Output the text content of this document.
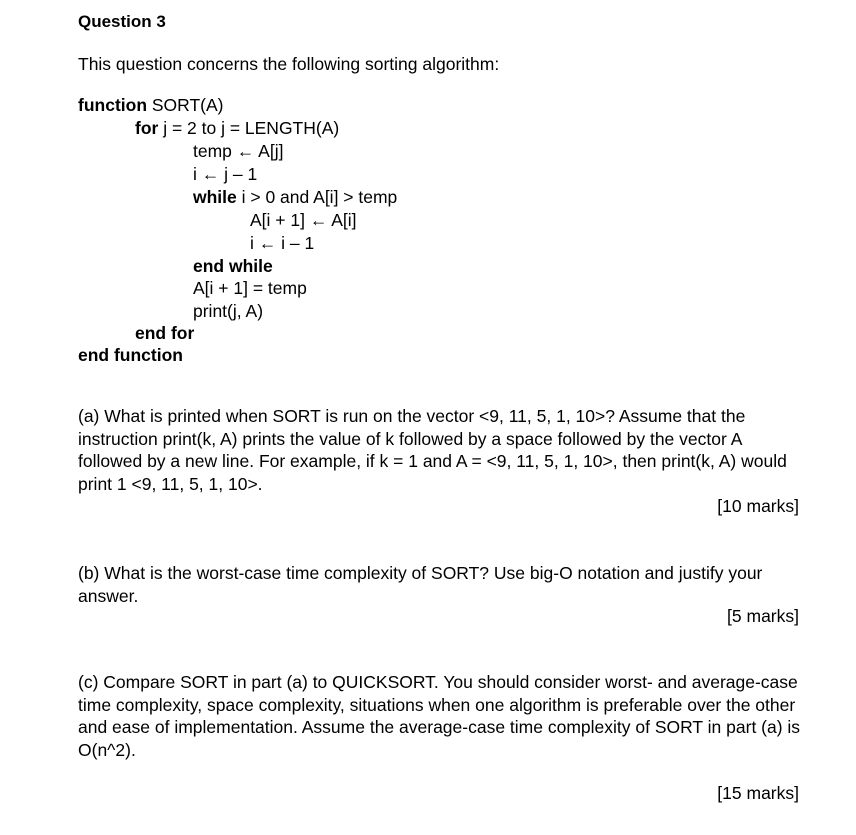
Question 3
This question concerns the following sorting algorithm:
function SORT(A)
for j = 2 to j = LENGTH(A)
temp ← A[j]
i ← j – 1
while i > 0 and A[i] > temp
A[i + 1] ← A[i]
i ← i – 1
end while
A[i + 1] = temp
print(j, A)
end for
end function
(a) What is printed when SORT is run on the vector <9, 11, 5, 1, 10>? Assume that the instruction print(k, A) prints the value of k followed by a space followed by the vector A followed by a new line. For example, if k = 1 and A = <9, 11, 5, 1, 10>, then print(k, A) would print 1 <9, 11, 5, 1, 10>.
[10 marks]
(b) What is the worst-case time complexity of SORT? Use big-O notation and justify your answer.
[5 marks]
(c) Compare SORT in part (a) to QUICKSORT. You should consider worst- and average-case time complexity, space complexity, situations when one algorithm is preferable over the other and ease of implementation. Assume the average-case time complexity of SORT in part (a) is O(n^2).
[15 marks]
